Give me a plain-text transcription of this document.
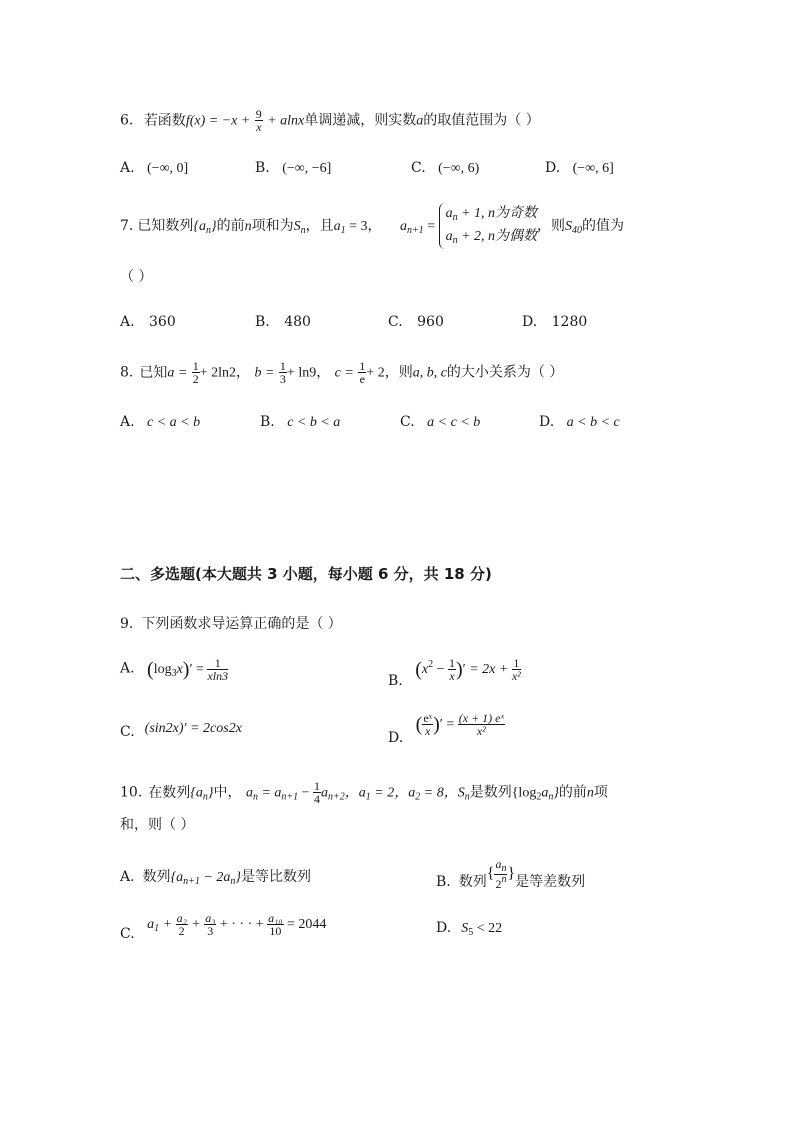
6. 若函数$f(x) = -x + \frac{9}{x} + alnx$单调递减，则实数a的取值范围为（ ）
A. (−∞, 0]	B. (−∞, −6]	C. (−∞, 6)	D. (−∞, 6]
7. 已知数列$\{a_n\}$的前n项和为$S_n$，且$a_1 = 3$， $a_{n+1}$ =
$a_n + 1$, n为奇数
$a_n + 2$, n为偶数
，则$S_{40}$的值为
（ ）
A. 360	B. 480	C. 960	D. 1280
8. 已知$a = \frac{1}{2} + 2\ln 2$， $b = \frac{1}{3} + \ln 9$， $c = \frac{1}{e} + 2$，则a, b, c的大小关系为（ ）
A. c < a < b	B. c < b < a	C. a < c < b	D. a < b < c
二、多选题(本大题共 3 小题，每小题 6 分，共 18 分)
9. 下列函数求导运算正确的是（ ）
A. $(\log_3x)' = \frac{1}{xln3}$	B. ($x^2 - \frac{1}{x}$ )′ = $2x + \frac{1}{\text{x²}}$
C. (sin2x)′ = 2cos2x
D. ( $\frac{\text{eˣ}}{x}$ )′ = $\frac{\text{(x + 1) eˣ}}{\text{x²}}$
10. 在数列$\{a_n\}$中， $a_n = a_{n+1} - \frac{1}{4} a_{n+2}$，$a_1 = 2$，$a_2 = 8$，$S_n$是数列$\{\log_2a_n\}$的前n项
和，则（ ）
A. 数列$\{a_{n+1} - 2a_n\}$是等比数列	B. 数列{ $\frac{a_n}{2^n}$ }是等差数列
C. $a_1 + \frac{\text{a₂}}{2} + \frac{\text{a₃}}{3}$ + · · · + $\frac{\text{a₁₀}}{10} = 2044$	D. $S_5 < 22$
